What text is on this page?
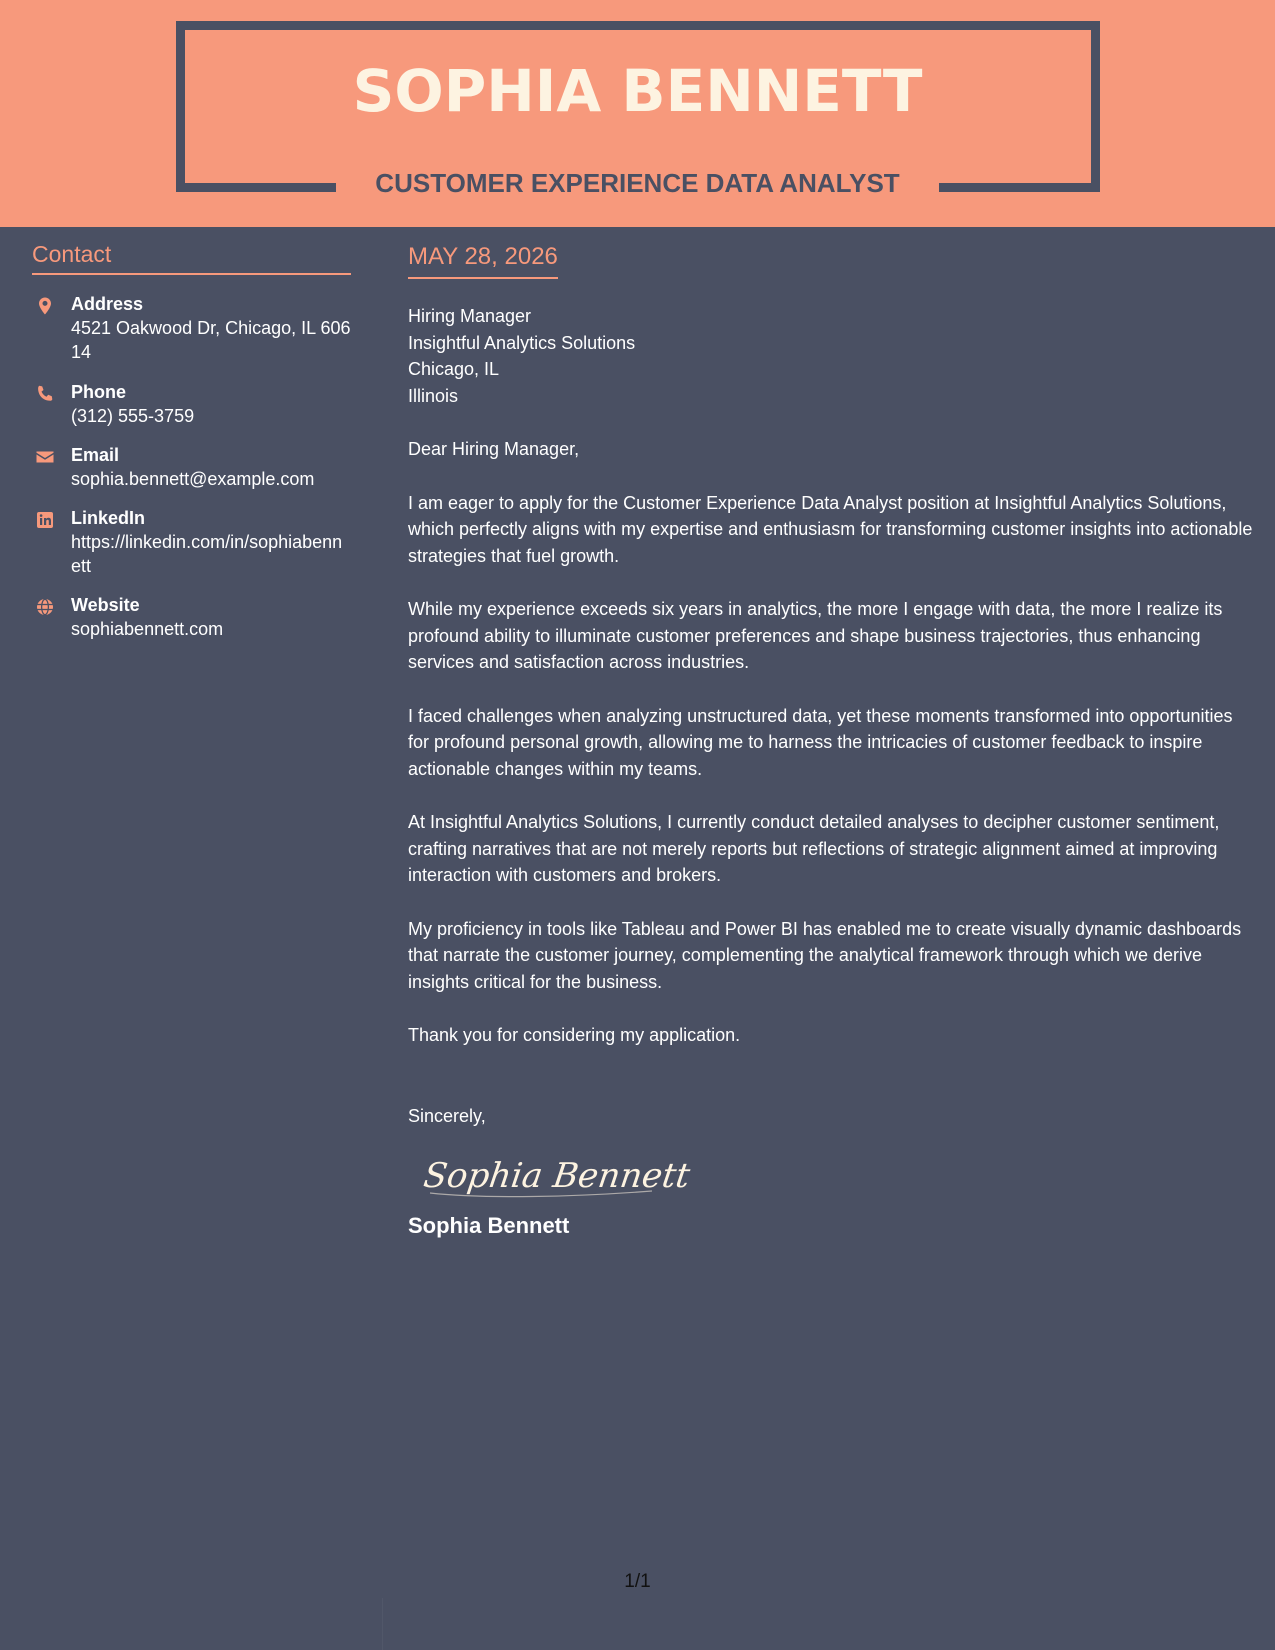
SOPHIA BENNETT
CUSTOMER EXPERIENCE DATA ANALYST
Contact
Address
4521 Oakwood Dr, Chicago, IL 60614
Phone
(312) 555-3759
Email
sophia.bennett@example.com
LinkedIn
https://linkedin.com/in/sophiabennett
Website
sophiabennett.com
MAY 28, 2026
Hiring Manager
Insightful Analytics Solutions
Chicago, IL
Illinois
Dear Hiring Manager,
I am eager to apply for the Customer Experience Data Analyst position at Insightful Analytics Solutions, which perfectly aligns with my expertise and enthusiasm for transforming customer insights into actionable strategies that fuel growth.
While my experience exceeds six years in analytics, the more I engage with data, the more I realize its profound ability to illuminate customer preferences and shape business trajectories, thus enhancing services and satisfaction across industries.
I faced challenges when analyzing unstructured data, yet these moments transformed into opportunities for profound personal growth, allowing me to harness the intricacies of customer feedback to inspire actionable changes within my teams.
At Insightful Analytics Solutions, I currently conduct detailed analyses to decipher customer sentiment, crafting narratives that are not merely reports but reflections of strategic alignment aimed at improving interaction with customers and brokers.
My proficiency in tools like Tableau and Power BI has enabled me to create visually dynamic dashboards that narrate the customer journey, complementing the analytical framework through which we derive insights critical for the business.
Thank you for considering my application.
Sincerely,
Sophia Bennett
Sophia Bennett
1/1
